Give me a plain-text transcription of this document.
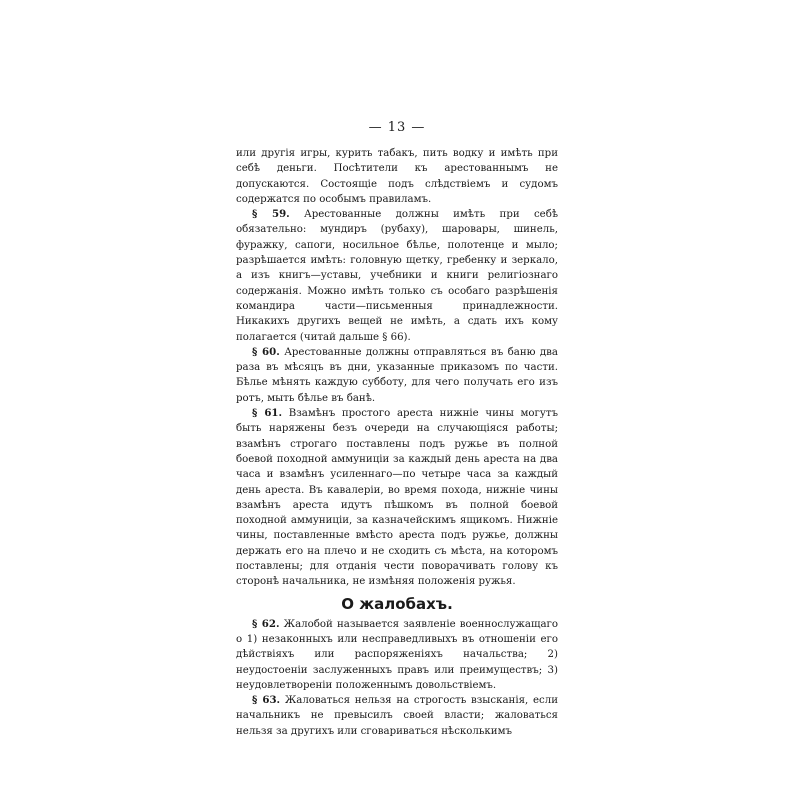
— 13 —

или другія игры, курить табакъ, пить водку и имѣть при себѣ деньги. Посѣтители къ арестованнымъ не допускаются. Состоящіе подъ слѣдствіемъ и судомъ содержатся по особымъ правиламъ.

§ 59. Арестованные должны имѣть при себѣ обязательно: мундиръ (рубаху), шаровары, шинель, фуражку, сапоги, носильное бѣлье, полотенце и мыло; разрѣшается имѣть: головную щетку, гребенку и зеркало, а изъ книгъ—уставы, учебники и книги религіознаго содержанія. Можно имѣть только съ особаго разрѣшенія командира части—письменныя принадлежности. Никакихъ другихъ вещей не имѣть, а сдать ихъ кому полагается (читай дальше § 66).

§ 60. Арестованные должны отправляться въ баню два раза въ мѣсяцъ въ дни, указанные приказомъ по части. Бѣлье мѣнять каждую субботу, для чего получать его изъ ротъ, мыть бѣлье въ банѣ.

§ 61. Взамѣнъ простого ареста нижніе чины могутъ быть наряжены безъ очереди на случающіяся работы; взамѣнъ строгаго поставлены подъ ружье въ полной боевой походной аммуниціи за каждый день ареста на два часа и взамѣнъ усиленнаго—по четыре часа за каждый день ареста. Въ кавалеріи, во время похода, нижніе чины взамѣнъ ареста идутъ пѣшкомъ въ полной боевой походной аммуниціи, за казначейскимъ ящикомъ. Нижніе чины, поставленные вмѣсто ареста подъ ружье, должны держать его на плечо и не сходить съ мѣста, на которомъ поставлены; для отданія чести поворачивать голову къ сторонѣ начальника, не измѣняя положенія ружья.

О жалобахъ.

§ 62. Жалобой называется заявленіе военнослужащаго о 1) незаконныхъ или несправедливыхъ въ отношеніи его дѣйствіяхъ или распоряженіяхъ начальства; 2) неудостоеніи заслуженныхъ правъ или преимуществъ; 3) неудовлетвореніи положеннымъ довольствіемъ.

§ 63. Жаловаться нельзя на строгость взысканія, если начальникъ не превысилъ своей власти; жаловаться нельзя за другихъ или сговариваться нѣсколькимъ
